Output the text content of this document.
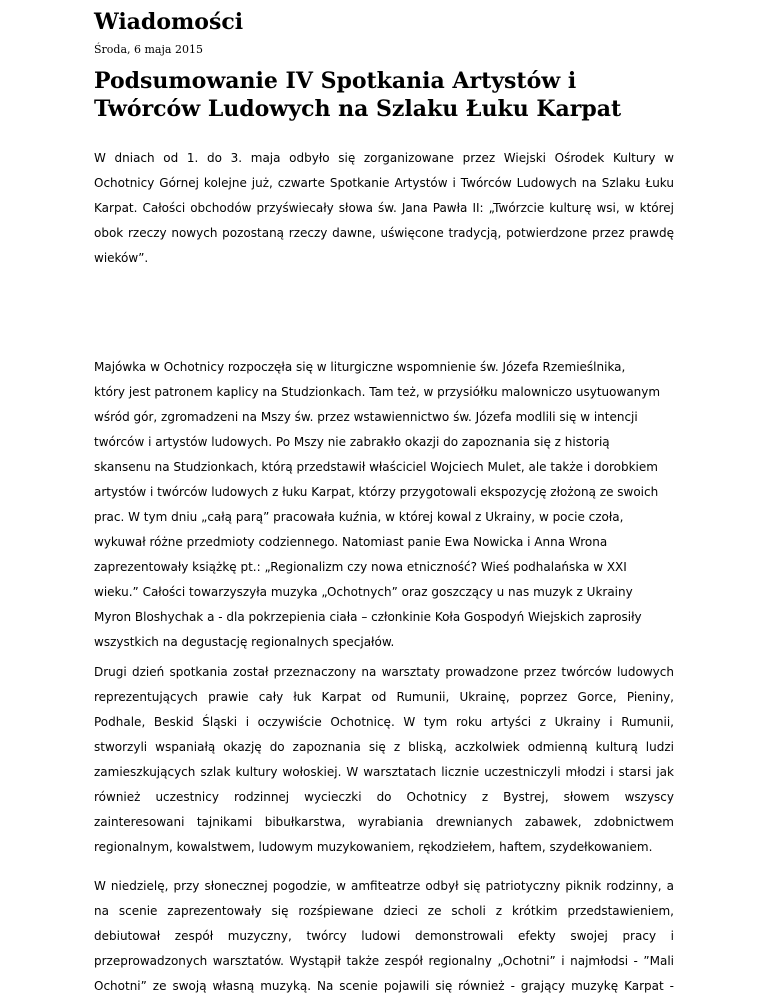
Wiadomości

Środa, 6 maja 2015

Podsumowanie IV Spotkania Artystów i Twórców Ludowych na Szlaku Łuku Karpat
W dniach od 1. do 3. maja odbyło się zorganizowane przez Wiejski Ośrodek Kultury w
Ochotnicy Górnej kolejne już, czwarte Spotkanie Artystów i Twórców Ludowych na Szlaku Łuku
Karpat. Całości obchodów przyświecały słowa św. Jana Pawła II: „Twórzcie kulturę wsi, w której
obok rzeczy nowych pozostaną rzeczy dawne, uświęcone tradycją, potwierdzone przez prawdę
wieków”.
Majówka w Ochotnicy rozpoczęła się w liturgiczne wspomnienie św. Józefa Rzemieślnika,
który jest patronem kaplicy na Studzionkach. Tam też, w przysiółku malowniczo usytuowanym
wśród gór, zgromadzeni na Mszy św. przez wstawiennictwo św. Józefa modlili się w intencji
twórców i artystów ludowych. Po Mszy nie zabrakło okazji do zapoznania się z historią
skansenu na Studzionkach, którą przedstawił właściciel Wojciech Mulet, ale także i dorobkiem
artystów i twórców ludowych z łuku Karpat, którzy przygotowali ekspozycję złożoną ze swoich
prac. W tym dniu „całą parą” pracowała kuźnia, w której kowal z Ukrainy, w pocie czoła,
wykuwał różne przedmioty codziennego. Natomiast panie Ewa Nowicka i Anna Wrona
zaprezentowały książkę pt.: „Regionalizm czy nowa etniczność? Wieś podhalańska w XXI
wieku.” Całości towarzyszyła muzyka „Ochotnych” oraz goszczący u nas muzyk z Ukrainy
Myron Bloshychak a - dla pokrzepienia ciała – członkinie Koła Gospodyń Wiejskich zaprosiły
wszystkich na degustację regionalnych specjałów.
Drugi dzień spotkania został przeznaczony na warsztaty prowadzone przez twórców ludowych
reprezentujących prawie cały łuk Karpat od Rumunii, Ukrainę, poprzez Gorce, Pieniny,
Podhale, Beskid Śląski i oczywiście Ochotnicę. W tym roku artyści z Ukrainy i Rumunii,
stworzyli wspaniałą okazję do zapoznania się z bliską, aczkolwiek odmienną kulturą ludzi
zamieszkujących szlak kultury wołoskiej. W warsztatach licznie uczestniczyli młodzi i starsi jak
również uczestnicy rodzinnej wycieczki do Ochotnicy z Bystrej, słowem wszyscy
zainteresowani tajnikami bibułkarstwa, wyrabiania drewnianych zabawek, zdobnictwem
regionalnym, kowalstwem, ludowym muzykowaniem, rękodziełem, haftem, szydełkowaniem.
W niedzielę, przy słonecznej pogodzie, w amfiteatrze odbył się patriotyczny piknik rodzinny, a
na scenie zaprezentowały się rozśpiewane dzieci ze scholi z krótkim przedstawieniem,
debiutował zespół muzyczny, twórcy ludowi demonstrowali efekty swojej pracy i
przeprowadzonych warsztatów. Wystąpił także zespół regionalny „Ochotni” i najmłodsi - ”Mali
Ochotni” ze swoją własną muzyką. Na scenie pojawili się również - grający muzykę Karpat -
